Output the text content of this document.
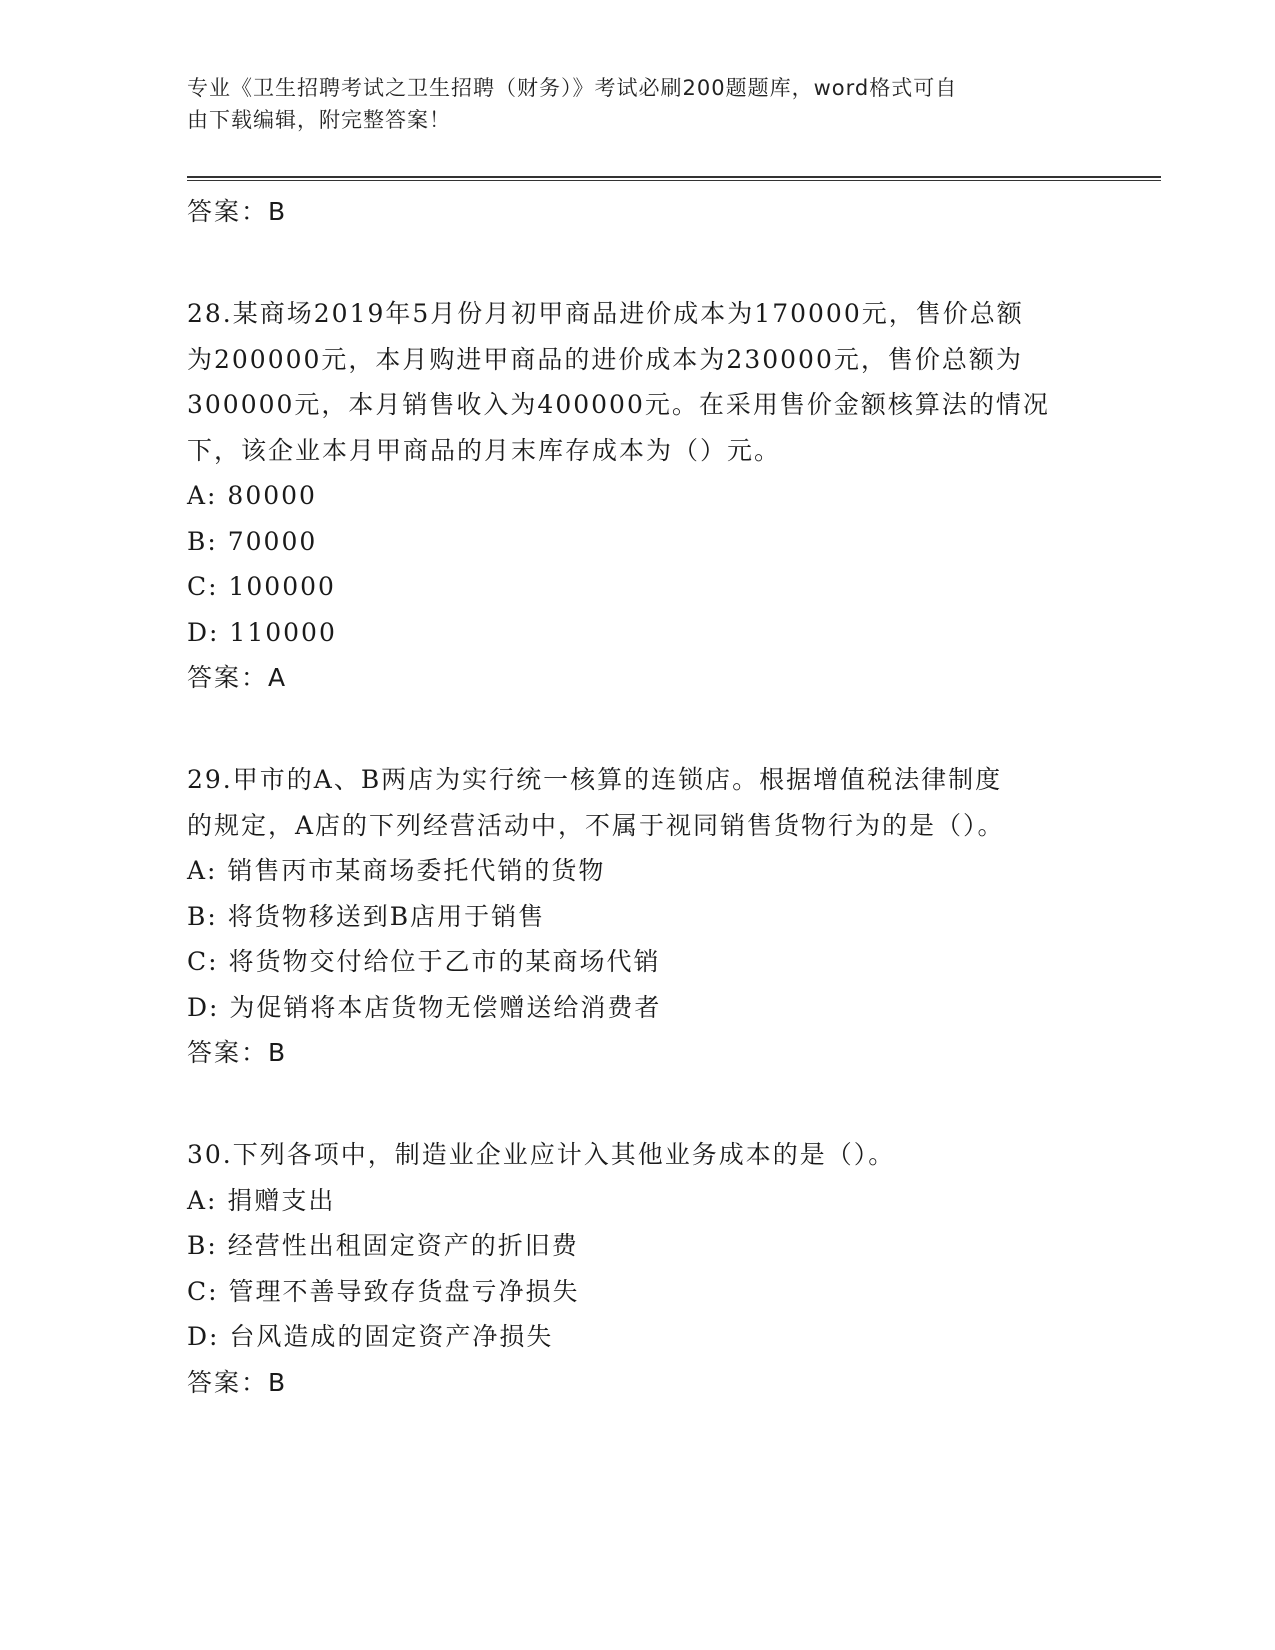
专业《卫生招聘考试之卫生招聘（财务）》考试必刷200题题库，word格式可自
由下载编辑，附完整答案！
答案：B
28.某商场2019年5月份月初甲商品进价成本为170000元，售价总额
为200000元，本月购进甲商品的进价成本为230000元，售价总额为
300000元，本月销售收入为400000元。在采用售价金额核算法的情况
下，该企业本月甲商品的月末库存成本为（）元。
A: 80000
B: 70000
C: 100000
D: 110000
答案：A
29.甲市的A、B两店为实行统一核算的连锁店。根据增值税法律制度
的规定，A店的下列经营活动中，不属于视同销售货物行为的是（）。
A: 销售丙市某商场委托代销的货物
B: 将货物移送到B店用于销售
C: 将货物交付给位于乙市的某商场代销
D: 为促销将本店货物无偿赠送给消费者
答案：B
30.下列各项中，制造业企业应计入其他业务成本的是（）。
A: 捐赠支出
B: 经营性出租固定资产的折旧费
C: 管理不善导致存货盘亏净损失
D: 台风造成的固定资产净损失
答案：B
